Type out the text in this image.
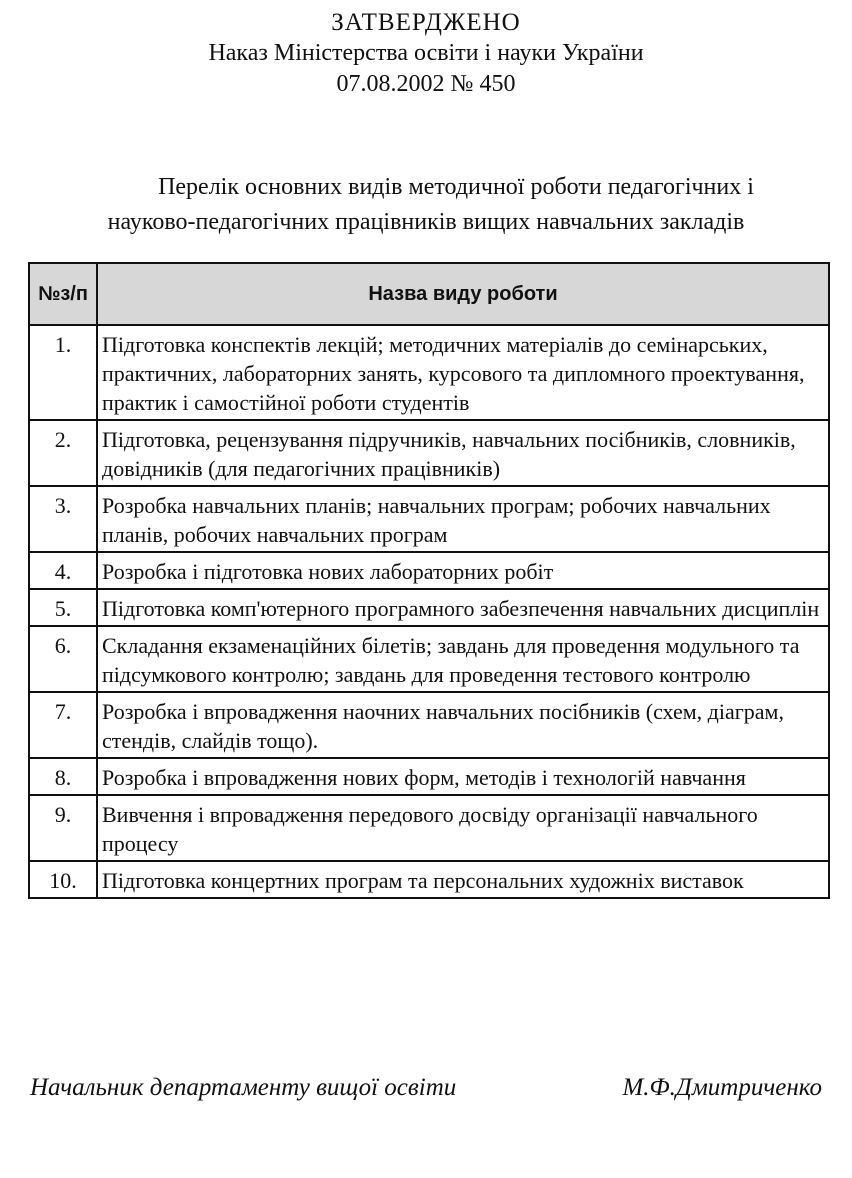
ЗАТВЕРДЖЕНО
Наказ Міністерства освіти і науки України
07.08.2002 № 450
Перелік основних видів методичної роботи педагогічних і
науково-педагогічних працівників вищих навчальних закладів
№з/п	Назва виду роботи
1.	Підготовка конспектів лекцій; методичних матеріалів до семінарських, практичних, лабораторних занять, курсового та дипломного проектування, практик і самостійної роботи студентів
2.	Підготовка, рецензування підручників, навчальних посібників, словників, довідників (для педагогічних працівників)
3.	Розробка навчальних планів; навчальних програм; робочих навчальних планів, робочих навчальних програм
4.	Розробка і підготовка нових лабораторних робіт
5.	Підготовка комп'ютерного програмного забезпечення навчальних дисциплін
6.	Складання екзаменаційних білетів; завдань для проведення модульного та підсумкового контролю; завдань для проведення тестового контролю
7.	Розробка і впровадження наочних навчальних посібників (схем, діаграм, стендів, слайдів тощо).
8.	Розробка і впровадження нових форм, методів і технологій навчання
9.	Вивчення і впровадження передового досвіду організації навчального процесу
10.	Підготовка концертних програм та персональних художніх виставок
Начальник департаменту вищої освіти	М.Ф.Дмитриченко
